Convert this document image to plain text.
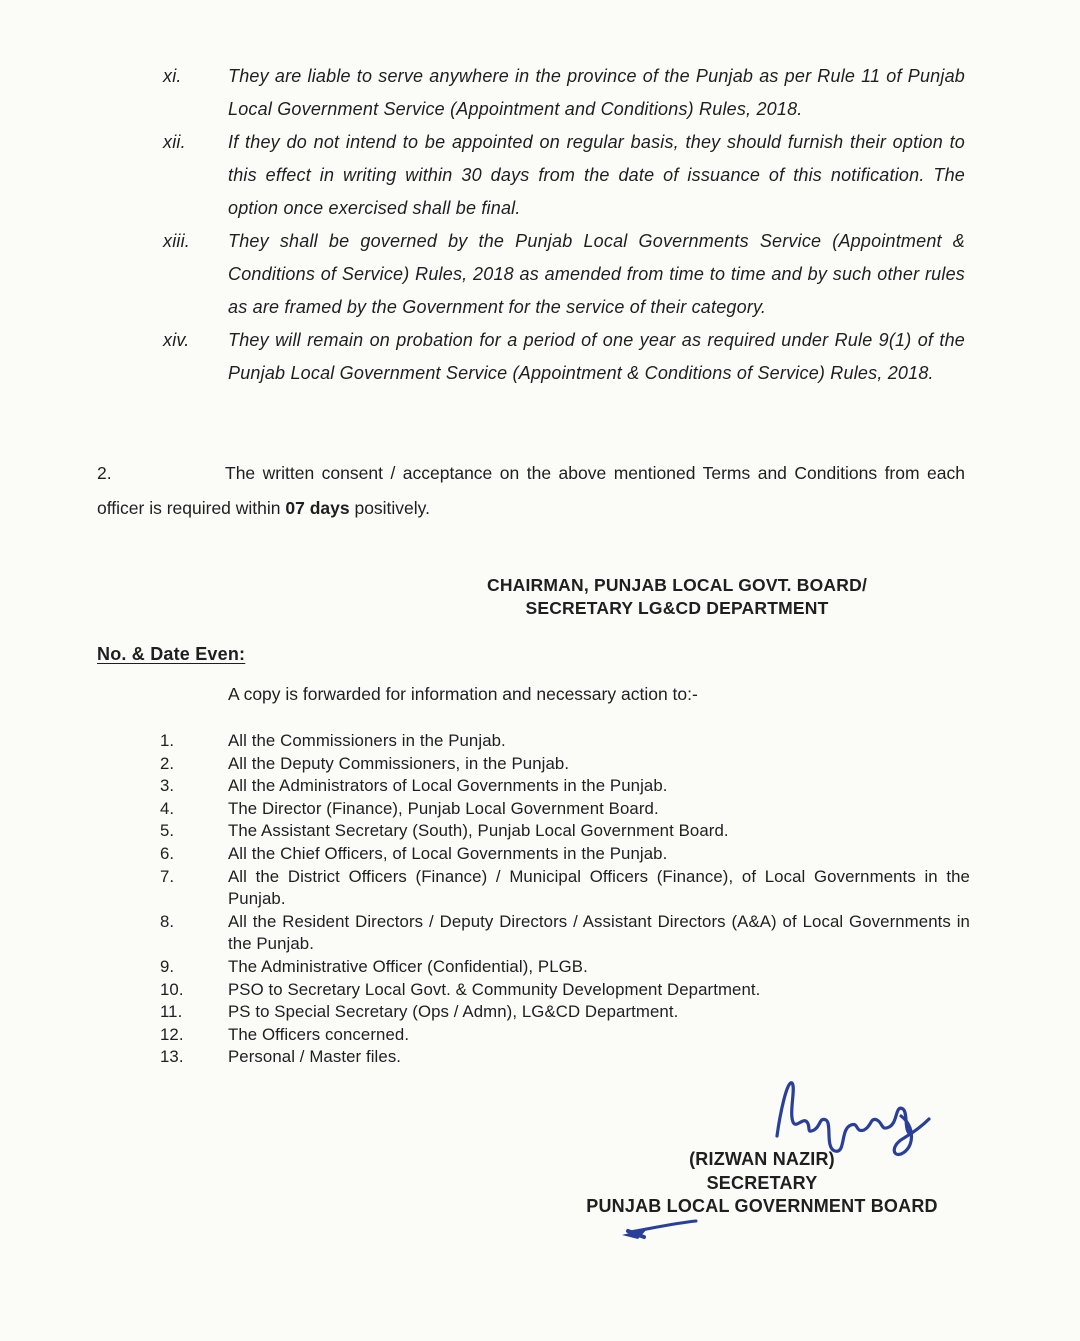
xi.	They are liable to serve anywhere in the province of the Punjab as per Rule 11 of Punjab Local Government Service (Appointment and Conditions) Rules, 2018.
xii.	If they do not intend to be appointed on regular basis, they should furnish their option to this effect in writing within 30 days from the date of issuance of this notification. The option once exercised shall be final.
xiii.	They shall be governed by the Punjab Local Governments Service (Appointment & Conditions of Service) Rules, 2018 as amended from time to time and by such other rules as are framed by the Government for the service of their category.
xiv.	They will remain on probation for a period of one year as required under Rule 9(1) of the Punjab Local Government Service (Appointment & Conditions of Service) Rules, 2018.
2.	The written consent / acceptance on the above mentioned Terms and Conditions from each officer is required within 07 days positively.
CHAIRMAN, PUNJAB LOCAL GOVT. BOARD/
SECRETARY LG&CD DEPARTMENT
No. & Date Even:
A copy is forwarded for information and necessary action to:-
1.	All the Commissioners in the Punjab.
2.	All the Deputy Commissioners, in the Punjab.
3.	All the Administrators of Local Governments in the Punjab.
4.	The Director (Finance), Punjab Local Government Board.
5.	The Assistant Secretary (South), Punjab Local Government Board.
6.	All the Chief Officers, of Local Governments in the Punjab.
7.	All the District Officers (Finance) / Municipal Officers (Finance), of Local Governments in the Punjab.
8.	All the Resident Directors / Deputy Directors / Assistant Directors (A&A) of Local Governments in the Punjab.
9.	The Administrative Officer (Confidential), PLGB.
10.	PSO to Secretary Local Govt. & Community Development Department.
11.	PS to Special Secretary (Ops / Admn), LG&CD Department.
12.	The Officers concerned.
13.	Personal / Master files.
(RIZWAN NAZIR)
SECRETARY
PUNJAB LOCAL GOVERNMENT BOARD
